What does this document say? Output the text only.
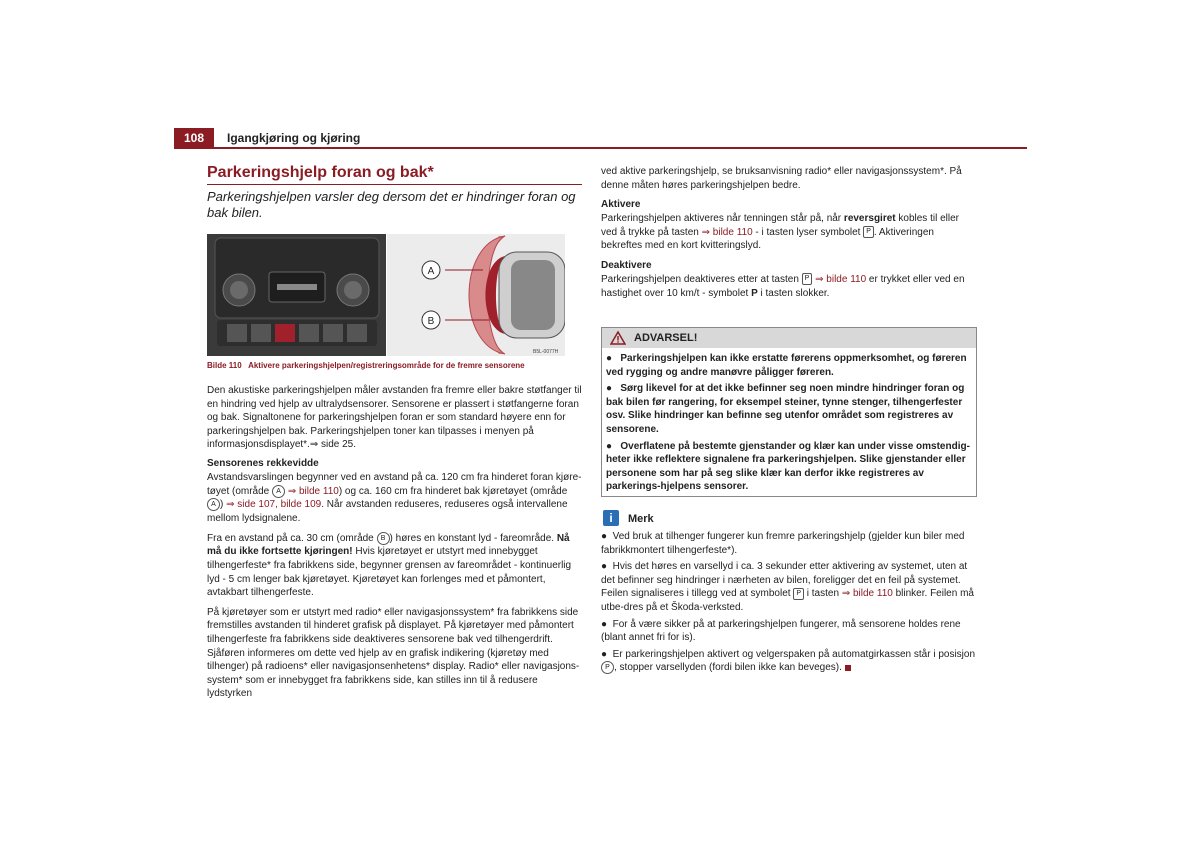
108	Igangkjøring og kjøring
Parkeringshjelp foran og bak*
Parkeringshjelpen varsler deg dersom det er hindringer foran og bak bilen.
A
B
B5L-0077H
Bilde 110 Aktivere parkeringshjelpen/registreringsområde for de fremre sensorene
Den akustiske parkeringshjelpen måler avstanden fra fremre eller bakre støtfanger til en hindring ved hjelp av ultralydsensorer. Sensorene er plassert i støtfangerne foran og bak. Signaltonene for parkeringshjelpen foran er som standard høyere enn for parkeringshjelpen bak. Parkeringshjelpen toner kan tilpasses i menyen på informasjonsdisplayet*.⇒ side 25.
Sensorenes rekkevidde
Avstandsvarslingen begynner ved en avstand på ca. 120 cm fra hinderet foran kjøre-tøyet (område A ⇒ bilde 110) og ca. 160 cm fra hinderet bak kjøretøyet (område A ) ⇒ side 107, bilde 109. Når avstanden reduseres, reduseres også intervallene mellom lydsignalene.
Fra en avstand på ca. 30 cm (område B ) høres en konstant lyd - fareområde. Nå må du ikke fortsette kjøringen! Hvis kjøretøyet er utstyrt med innebygget tilhengerfeste* fra fabrikkens side, begynner grensen av fareområdet - kontinuerlig lyd - 5 cm lenger bak kjøretøyet. Kjøretøyet kan forlenges med et påmontert, avtakbart tilhengerfeste.
På kjøretøyer som er utstyrt med radio* eller navigasjonssystem* fra fabrikkens side fremstilles avstanden til hinderet grafisk på displayet. På kjøretøyer med påmontert tilhengerfeste fra fabrikkens side deaktiveres sensorene bak ved tilhengerdrift. Sjåføren informeres om dette ved hjelp av en grafisk indikering (kjøretøy med tilhenger) på radioens* eller navigasjonsenhetens* display. Radio* eller navigasjons-system* som er innebygget fra fabrikkens side, kan stilles inn til å redusere lydstyrken
ved aktive parkeringshjelp, se bruksanvisning radio* eller navigasjonssystem*. På denne måten høres parkeringshjelpen bedre.
Aktivere
Parkeringshjelpen aktiveres når tenningen står på, når reversgiret kobles til eller ved å trykke på tasten ⇒ bilde 110 - i tasten lyser symbolet P . Aktiveringen bekreftes med en kort kvitteringslyd.
Deaktivere
Parkeringshjelpen deaktiveres etter at tasten P ⇒ bilde 110 er trykket eller ved en hastighet over 10 km/t - symbolet P i tasten slokker.
ADVARSEL!

●   Parkeringshjelpen kan ikke erstatte førerens oppmerksomhet, og føreren ved rygging og andre manøvre påligger føreren.

●   Sørg likevel for at det ikke befinner seg noen mindre hindringer foran og bak bilen før rangering, for eksempel steiner, tynne stenger, tilhengerfester osv. Slike hindringer kan befinne seg utenfor området som registreres av sensorene.

●   Overflatene på bestemte gjenstander og klær kan under visse omstendig-heter ikke reflektere signalene fra parkeringshjelpen. Slike gjenstander eller personene som har på seg slike klær kan derfor ikke registreres av parkerings-hjelpens sensorer.

i	Merk
●  Ved bruk at tilhenger fungerer kun fremre parkeringshjelp (gjelder kun biler med fabrikkmontert tilhengerfeste*).
●  Hvis det høres en varsellyd i ca. 3 sekunder etter aktivering av systemet, uten at det befinner seg hindringer i nærheten av bilen, foreligger det en feil på systemet. Feilen signaliseres i tillegg ved at symbolet P i tasten ⇒ bilde 110 blinker. Feilen må utbe-dres på et Škoda-verksted.
●  For å være sikker på at parkeringshjelpen fungerer, må sensorene holdes rene (blant annet fri for is).
●  Er parkeringshjelpen aktivert og velgerspaken på automatgirkassen står i posisjon P , stopper varsellyden (fordi bilen ikke kan beveges).
